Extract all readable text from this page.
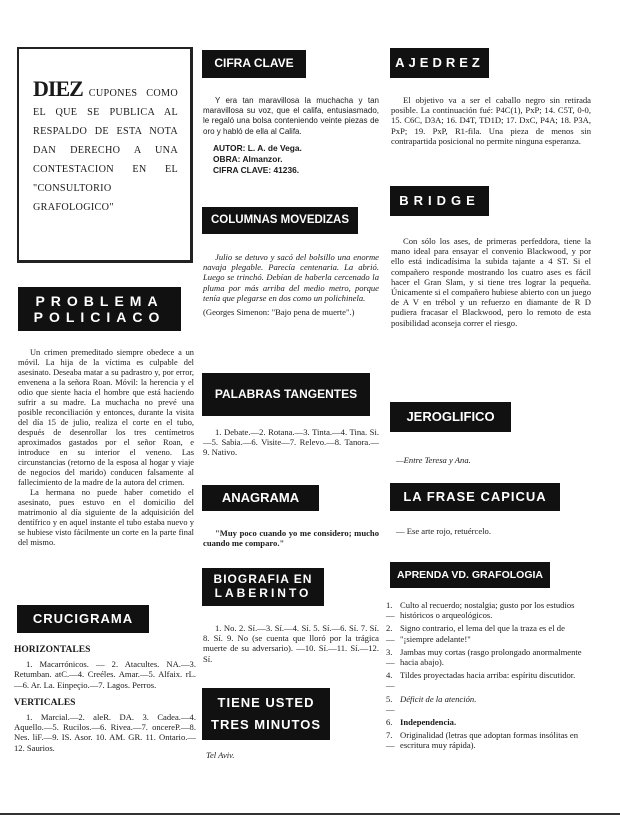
DIEZ CUPONES COMO EL QUE SE PUBLICA AL RESPALDO DE ESTA NOTA DAN DERECHO A UNA CONTESTACION EN EL "CONSULTORIO GRAFOLOGICO"
PROBLEMA
POLICIACO

Un crimen premeditado siempre obedece a un móvil. La hija de la víctima es culpable del asesinato. Deseaba matar a su padrastro y, por error, envenena a la señora Roan. Móvil: la herencia y el odio que siente hacia el hombre que está haciendo sufrir a su madre. La muchacha no prevé una posible reconciliación y entonces, durante la visita del día 15 de julio, realiza el corte en el tubo, después de desenrollar los tres centímetros aproximados gastados por el señor Roan, e introduce en su interior el veneno. Las circunstancias (retorno de la esposa al hogar y viaje de negocios del marido) conducen falsamente al fallecimiento de la madre de la autora del crimen.

La hermana no puede haber cometido el asesinato, pues estuvo en el domicilio del matrimonio al día siguiente de la adquisición del dentífrico y en aquel instante el tubo estaba nuevo y se hubiese visto fácilmente un corte en la parte final del mismo.

CRUCIGRAMA
HORIZONTALES

1. Macarrónicos. — 2. Atacultes. NA.—3. Retumban. atC.—4. Creéles. Amar.—5. Alfaix. rL.—6. Ar. La. Einpeçio.—7. Lagos. Perros.

VERTICALES

1. Marcial.—2. aleR. DA. 3. Cadea.—4. Aquello.—5. Rucilos.—6. Rivea.—7. oncereP.—8. Nes. liF.—9. IS. Asor. 10. AM. GR. 11. Ontario.—12. Saurios.

CIFRA CLAVE

Y era tan maravillosa la muchacha y tan maravillosa su voz, que el califa, entusiasmado, le regaló una bolsa conteniendo veinte piezas de oro y habló de ella al Califa.

AUTOR: L. A. de Vega.
OBRA: Almanzor.
CIFRA CLAVE: 41236.
COLUMNAS MOVEDIZAS

Julio se detuvo y sacó del bolsillo una enorme navaja plegable. Parecía centenaria. La abrió. Luego se trinchó. Debían de haberla cercenado la pluma por más arriba del medio metro, porque tenía que plegarse en dos como un polichinela.

(Georges Simenon: "Bajo pena de muerte".)
PALABRAS TANGENTES

1. Debate.—2. Rotana.—3. Tinta.—4. Tina. Si.—5. Sabia.—6. Visite—7. Relevo.—8. Tanora.—9. Nativo.

ANAGRAMA

"Muy poco cuando yo me considero; mucho cuando me comparo."

BIOGRAFIA EN
LABERINTO

1. No. 2. Sí.—3. Sí.—4. Sí. 5. Sí.—6. Sí. 7. Sí. 8. Sí. 9. No (se cuenta que lloró por la trágica muerte de su adversario). —10. Sí.—11. Sí.—12. Sí.

TIENE USTED
TRES MINUTOS
Tel Aviv.
AJEDREZ

El objetivo va a ser el caballo negro sin retirada posible. La continuación fué: P4C(1), PxP; 14. C5T, 0-0, 15. C6C, D3A; 16. D4T, TD1D; 17. DxC, P4A; 18. P3A, PxP; 19. PxP, R1-fila. Una pieza de menos sin contrapartida posicional no permite ninguna esperanza.

BRIDGE

Con sólo los ases, de primeras perfeddora, tiene la mano ideal para ensayar el convenio Blackwood, y por ello está indicadísima la subida tajante a 4 ST. Si el compañero responde mostrando los cuatro ases es fácil hacer el Gran Slam, y si tiene tres lograr la pequeña. Únicamente si el compañero hubiese abierto con un juego de A V en trébol y un refuerzo en diamante de R D pudiera fracasar el Blackwood, pero lo remoto de esta posibilidad aconseja correr el riesgo.

JEROGLIFICO
—Entre Teresa y Ana.
LA FRASE CAPICUA
— Ese arte rojo, retuércelo.
APRENDA VD. GRAFOLOGIA
1.—
Culto al recuerdo; nostalgia; gusto por los estudios históricos o arqueológicos.
2.—
Signo contrario, el lema del que la traza es el de "¡siempre adelante!"
3.—
Jambas muy cortas (rasgo prolongado anormalmente hacia abajo).
4.—
Tildes proyectadas hacia arriba: espíritu discutidor.
5.—
Déficit de la atención.
6. Independencia.
7.—
Originalidad (letras que adoptan formas insólitas en escritura muy rápida).
